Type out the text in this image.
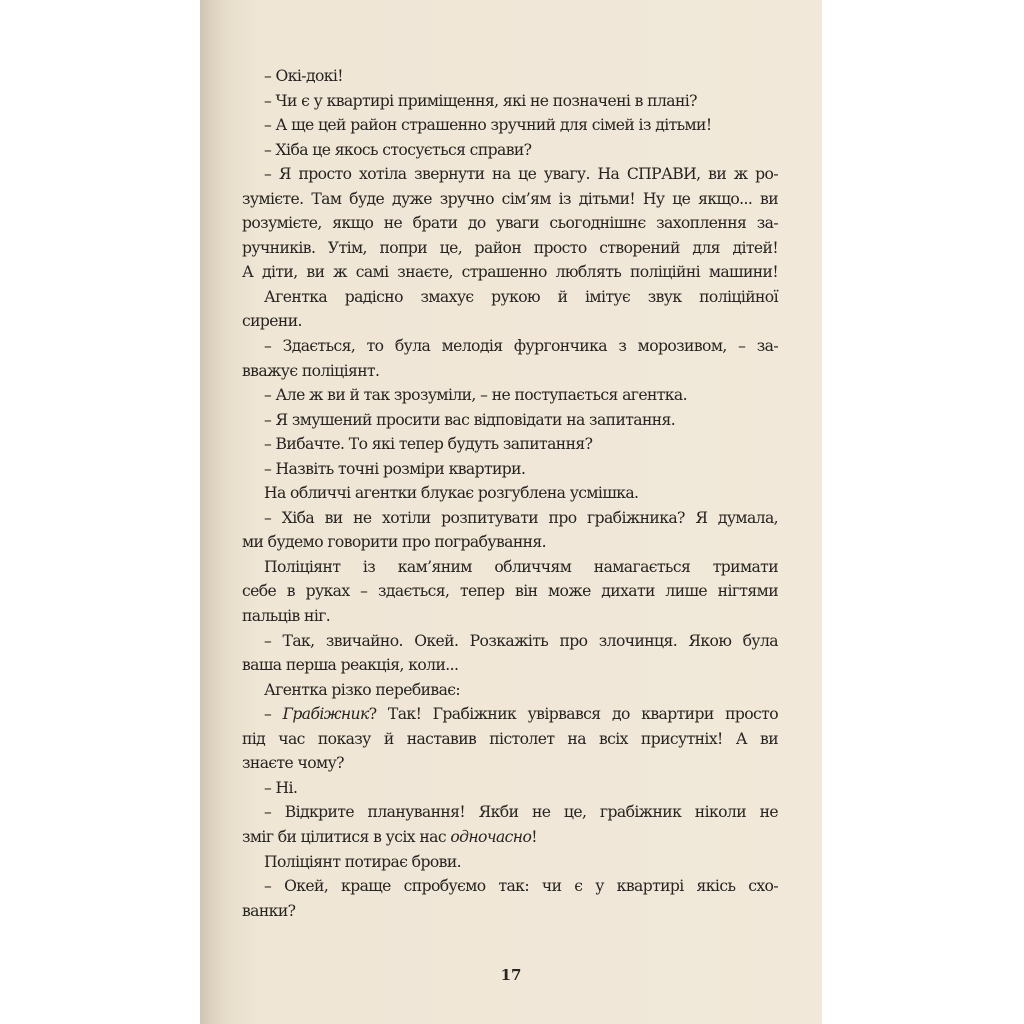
– Окі-докі!
– Чи є у квартирі приміщення, які не позначені в плані?
– А ще цей район страшенно зручний для сімей із дітьми!
– Хіба це якось стосується справи?
– Я просто хотіла звернути на це увагу. На СПРАВИ, ви ж ро-
зумієте. Там буде дуже зручно сім’ям із дітьми! Ну це якщо... ви
розумієте, якщо не брати до уваги сьогоднішнє захоплення за-
ручників. Утім, попри це, район просто створений для дітей!
А діти, ви ж самі знаєте, страшенно люблять поліційні машини!
Агентка радісно змахує рукою й імітує звук поліційної
сирени.
– Здається, то була мелодія фургончика з морозивом, – за-
вважує поліціянт.
– Але ж ви й так зрозуміли, – не поступається агентка.
– Я змушений просити вас відповідати на запитання.
– Вибачте. То які тепер будуть запитання?
– Назвіть точні розміри квартири.
На обличчі агентки блукає розгублена усмішка.
– Хіба ви не хотіли розпитувати про грабіжника? Я думала,
ми будемо говорити про пограбування.
Поліціянт із кам’яним обличчям намагається тримати
себе в руках – здається, тепер він може дихати лише нігтями
пальців ніг.
– Так, звичайно. Окей. Розкажіть про злочинця. Якою була
ваша перша реакція, коли...
Агентка різко перебиває:
– Грабіжник? Так! Грабіжник увірвався до квартири просто
під час показу й наставив пістолет на всіх присутніх! А ви
знаєте чому?
– Ні.
– Відкрите планування! Якби не це, грабіжник ніколи не
зміг би цілитися в усіх нас одночасно!
Поліціянт потирає брови.
– Окей, краще спробуємо так: чи є у квартирі якісь схо-
ванки?
17
